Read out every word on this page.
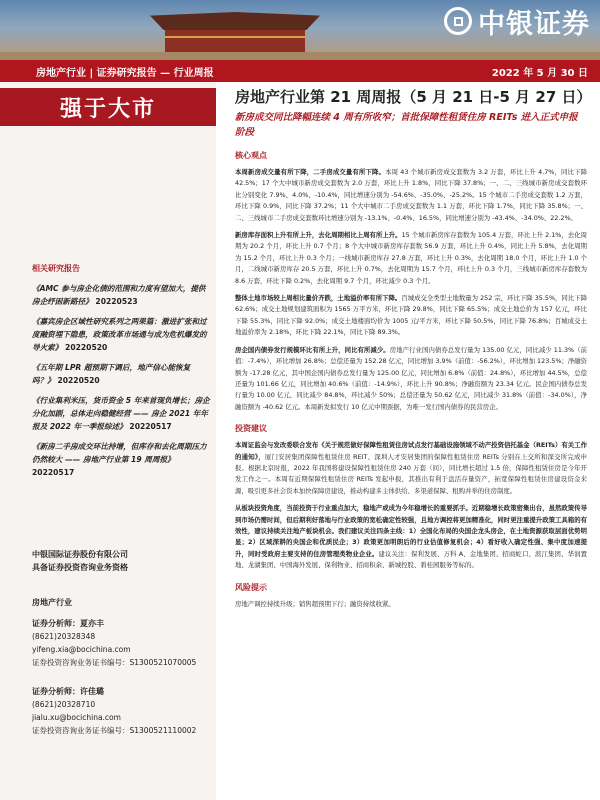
中银证券
房地产行业 | 证券研究报告 — 行业周报	2022 年 5 月 30 日
强于大市
相关研究报告
《AMC 参与房企化债的范围和力度有望加大，提供房企纾困新路径》 20220523
《嘉宾房企区域性研究系列之两果篇：激进扩张和过度融资埋下隐患，政策改革市场通与成为危机爆发的导火索》 20220520
《五年期 LPR 超预期下调后，地产信心能恢复吗？》 20220520
《行业集利米压，货币资金 5 年来首现负增长；房企分化加剧，总体走向稳健经营 —— 房企 2021 年年报及 2022 年一季报综述》 20220517
《新房二手房成交环比持增，但库存和去化周期压力仍然较大 —— 房地产行业第 19 周周报》 20220517
中银国际证券股份有限公司
具备证券投资咨询业务资格
房地产行业
证券分析师：夏亦丰
(8621)20328348
yifeng.xia@bocichina.com
证券投资咨询业务证书编号：S1300521070005
证券分析师：许佳璐
(8621)20328710
jialu.xu@bocichina.com
证券投资咨询业务证书编号：S1300521110002
房地产行业第 21 周周报（5 月 21 日-5 月 27 日）
新房成交同比降幅连续 4 周有所收窄；首批保障性租赁住房 REITs 进入正式申报阶段
核心观点
本周新房成交量有所下降，二手房成交量有所下降。本周 43 个城市新房成交套数为 3.2 万套，环比上升 4.7%，同比下降 42.5%；17 个大中城市新房成交套数为 2.0 万套，环比上升 1.8%，同比下降 37.8%；一、二、三线城市新房成交套数环比分别变化 7.9%、4.0%、-10.4%，同比增速分别为 -54.6%、-35.0%、-25.2%。15 个城市二手房成交套数 1.2 万套，环比下降 0.9%，同比下降 37.2%；11 个大中城市二手房成交套数为 1.1 万套，环比下降 1.7%，同比下降 35.8%；一、二、三线城市二手房成交套数环比增速分别为 -13.1%、-0.4%、16.5%，同比增速分别为 -43.4%、-34.0%、22.2%。
新房库存面积上升有所上升，去化周期相比上周有所上升。15 个城市新房库存套数为 105.4 万套，环比上升 2.1%，去化周期为 20.2 个月，环比上升 0.7 个月；8 个大中城市新房库存套数 56.9 万套，环比上升 0.4%，同比上升 5.8%，去化周期为 15.2 个月，环比上升 0.3 个月；一线城市新房库存 27.8 万套，环比上升 0.3%，去化周期 18.0 个月，环比上升 1.0 个月，二线城市新房库存 20.5 万套，环比上升 0.7%，去化周期为 15.7 个月，环比上升 0.3 个月，三线城市新房库存套数为 8.6 万套，环比下降 0.2%，去化周期 9.7 个月，环比减少 0.3 个月。
整体土地市场较上周相比量价齐跌，土地溢价率有所下降。百城成交全类型土地数量为 252 宗，环比下降 35.5%，同比下降 62.6%；成交土地规划建筑面积为 1565 万平方米，环比下降 29.8%，同比下降 65.5%；成交土地总价为 157 亿元，环比下降 55.3%，同比下降 92.0%；成交土地楼面均价为 1005 元/平方米，环比下降 50.5%，同比下降 76.8%；百城成交土地溢价率为 2.18%，环比下降 22.1%，同比下降 89.3%。
房企国内债券发行规模环比有所上升，同比有所减少。房地产行业国内债券总发行量为 135.00 亿元，同比减少 11.3%（前值：-7.4%），环比增加 26.8%；总偿还量为 152.28 亿元，同比增加 3.9%（前值：-56.2%），环比增加 123.5%；净融资额为 -17.28 亿元，其中国企国内债券总发行量为 125.00 亿元，同比增加 6.8%（前值：24.8%），环比增加 44.5%，总偿还量为 101.66 亿元，同比增加 40.6%（前值：-14.9%），环比上升 90.8%；净融资额为 23.34 亿元。民企国内债券总发行量为 10.00 亿元，同比减少 84.8%，环比减少 50%；总偿还量为 50.62 亿元，同比减少 31.8%（前值：-34.0%），净融资额为 -40.62 亿元。本周新发拟发行 10 亿元中期票据，为唯一发行国内债券的民营房企。
投资建议
本周证监会与发改委联合发布《关于规范做好保障性租赁住房试点发行基础设施领域不动产投资信托基金（REITs）有关工作的通知》，厦门安居集团保障性租赁住房 REIT、深圳人才安居集团的保障性租赁住房 REITs 分别在上交所和深交所完成申报。根据北京时报，2022 年我国将建设保障性租赁住房 240 万套（间），同比增长超过 1.5 倍，保障性租赁住房是今年开发工作之一。本周有近期保障性租赁住房 REITs 发起申报，其推出有利于盘活存量资产，拓宽保障性租赁住房建设资金来源，吸引更多社会资本加快保障房建设，推动构建多主体供给、多渠道保障、租购并举的住房制度。
从板块投资角度，当前投资于行业重点加大，稳地产或成为今年稳增长的重要抓手。近期稳增长政策密集出台，虽然政策传导到市场仍需时间，但后期利好落地与行业政策的宽松确定性较强，且地方调控将更加精准化，同时更注重提升政策工具箱的有效性，建议持续关注地产板块机会。我们建议关注四条主线：1）全国化布局的央国企龙头房企，在土地资源获取层面优势明显；2）区域深耕的央国企和优质民企；3）政策更加明朗后的行业估值修复机会；4）看好收入确定性强、集中度加速提升，同时受政府主要支持的住房管理类物业企业。建议关注：保利发展、万科 A、金地集团、招商蛇口、滨江集团、华润置地、龙湖集团、中国海外发展、保利物业、招商积余、新城控股、碧桂园服务等标的。
风险提示
房地产调控持续升级；销售超预期下行；融资持续收紧。
